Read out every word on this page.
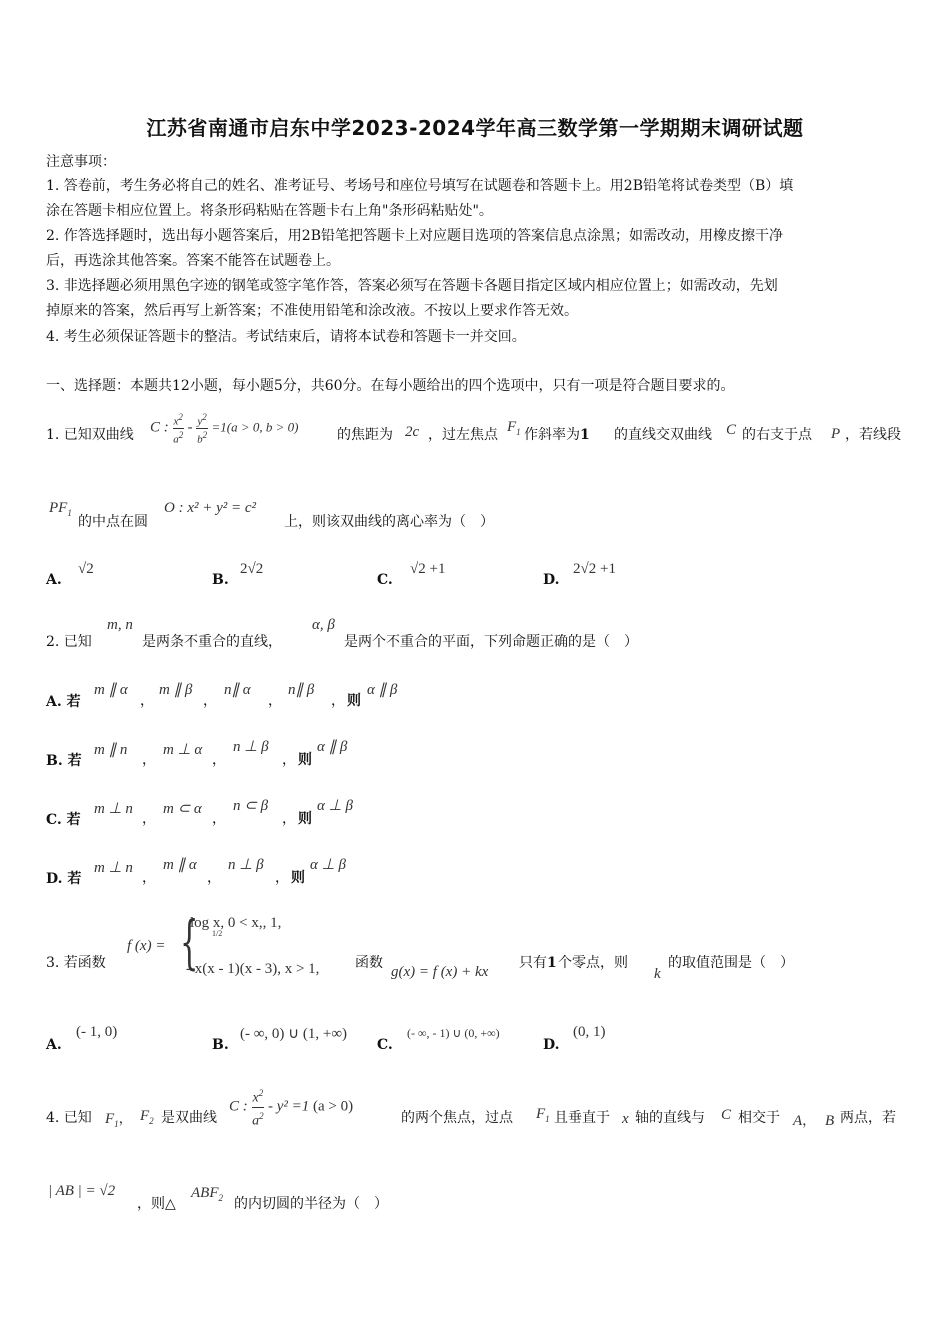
江苏省南通市启东中学2023-2024学年高三数学第一学期期末调研试题
注意事项：
1. 答卷前，考生务必将自己的姓名、准考证号、考场号和座位号填写在试题卷和答题卡上。用2B铅笔将试卷类型（B）填
涂在答题卡相应位置上。将条形码粘贴在答题卡右上角"条形码粘贴处"。
2. 作答选择题时，选出每小题答案后，用2B铅笔把答题卡上对应题目选项的答案信息点涂黑；如需改动，用橡皮擦干净
后，再选涂其他答案。答案不能答在试题卷上。
3. 非选择题必须用黑色字迹的钢笔或签字笔作答，答案必须写在答题卡各题目指定区域内相应位置上；如需改动，先划
掉原来的答案，然后再写上新答案；不准使用铅笔和涂改液。不按以上要求作答无效。
4. 考生必须保证答题卡的整洁。考试结束后，请将本试卷和答题卡一并交回。
一、选择题：本题共12小题，每小题5分，共60分。在每小题给出的四个选项中，只有一项是符合题目要求的。
1. 已知双曲线 C : $\frac{x^2}{a^2} - \frac{y^2}{b^2} =1(a > 0$, b > 0)	的焦距为 2c ，过左焦点 $F_1$ 作斜率为1 的直线交双曲线 C 的右支于点 P ，若线段
$PF_1$
的中点在圆
O : x² + y² = c²
上，则该双曲线的离心率为（　）
A.
√2
B.
2√2
C.
√2 +1
D.
2√2 +1
2. 已知
m, n
是两条不重合的直线，
α, β
是两个不重合的平面，下列命题正确的是（　）
A. 若
m ∥ α
，
m ∥ β
，
n∥ α
，
n∥ β
， 则
α ∥ β
B. 若
m ∥ n
，
m ⊥ α
，
n ⊥ β
， 则
α ∥ β
C. 若
m ⊥ n
，
m ⊂ α
，
n ⊂ β
， 则
α ⊥ β
D. 若
m ⊥ n
，
m ∥ α
，
n ⊥ β
， 则
α ⊥ β
3. 若函数
f (x) = {
log x, 0 < x,, 1,
1/2
- x(x - 1)(x - 3), x > 1,	函数
g(x) = f (x) + kx
只有1 个零点，则
k
的取值范围是（　）
A.
(- 1, 0)
B.
(- ∞, 0) ∪ (1, +∞)
C.
(- ∞, - 1) ∪ (0, +∞)
D.
(0, 1)
4. 已知 $F_1$， $F_2$ 是双曲线
C : $\frac{x^2}{a^2} - y^2 =1$ (a > 0)
的两个焦点，过点 $F_1$ 且垂直于 x 轴的直线与 C 相交于 A， B 两点，若
| AB | = √2
，则△
$ABF_2$ 的内切圆的半径为（　）
